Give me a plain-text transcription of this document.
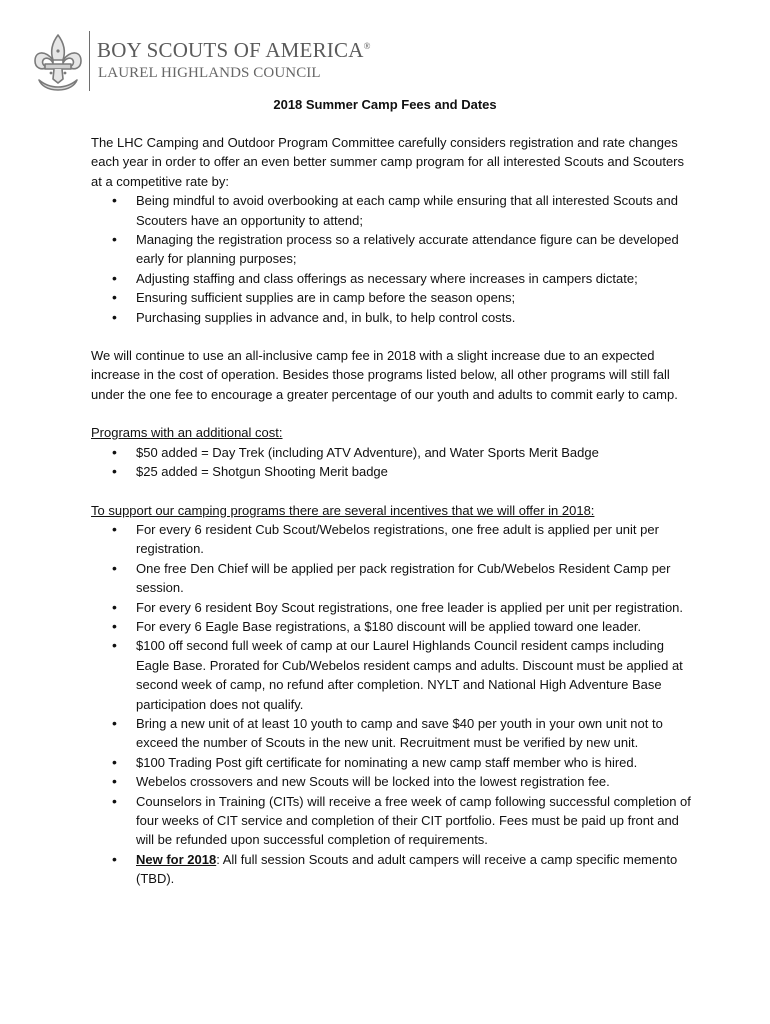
BOY SCOUTS OF AMERICA®
LAUREL HIGHLANDS COUNCIL
2018 Summer Camp Fees and Dates

The LHC Camping and Outdoor Program Committee carefully considers registration and rate changes each year in order to offer an even better summer camp program for all interested Scouts and Scouters at a competitive rate by:

• Being mindful to avoid overbooking at each camp while ensuring that all interested Scouts and Scouters have an opportunity to attend;
• Managing the registration process so a relatively accurate attendance figure can be developed early for planning purposes;
• Adjusting staffing and class offerings as necessary where increases in campers dictate;
• Ensuring sufficient supplies are in camp before the season opens;
• Purchasing supplies in advance and, in bulk, to help control costs.

We will continue to use an all-inclusive camp fee in 2018 with a slight increase due to an expected increase in the cost of operation. Besides those programs listed below, all other programs will still fall under the one fee to encourage a greater percentage of our youth and adults to commit early to camp.

Programs with an additional cost:

• $50 added = Day Trek (including ATV Adventure), and Water Sports Merit Badge
• $25 added = Shotgun Shooting Merit badge

To support our camping programs there are several incentives that we will offer in 2018:

• For every 6 resident Cub Scout/Webelos registrations, one free adult is applied per unit per registration.
• One free Den Chief will be applied per pack registration for Cub/Webelos Resident Camp per session.
• For every 6 resident Boy Scout registrations, one free leader is applied per unit per registration.
• For every 6 Eagle Base registrations, a $180 discount will be applied toward one leader.
• $100 off second full week of camp at our Laurel Highlands Council resident camps including Eagle Base. Prorated for Cub/Webelos resident camps and adults. Discount must be applied at second week of camp, no refund after completion. NYLT and National High Adventure Base participation does not qualify.
• Bring a new unit of at least 10 youth to camp and save $40 per youth in your own unit not to exceed the number of Scouts in the new unit. Recruitment must be verified by new unit.
• $100 Trading Post gift certificate for nominating a new camp staff member who is hired.
• Webelos crossovers and new Scouts will be locked into the lowest registration fee.
• Counselors in Training (CITs) will receive a free week of camp following successful completion of four weeks of CIT service and completion of their CIT portfolio. Fees must be paid up front and will be refunded upon successful completion of requirements.
• New for 2018: All full session Scouts and adult campers will receive a camp specific memento (TBD).
